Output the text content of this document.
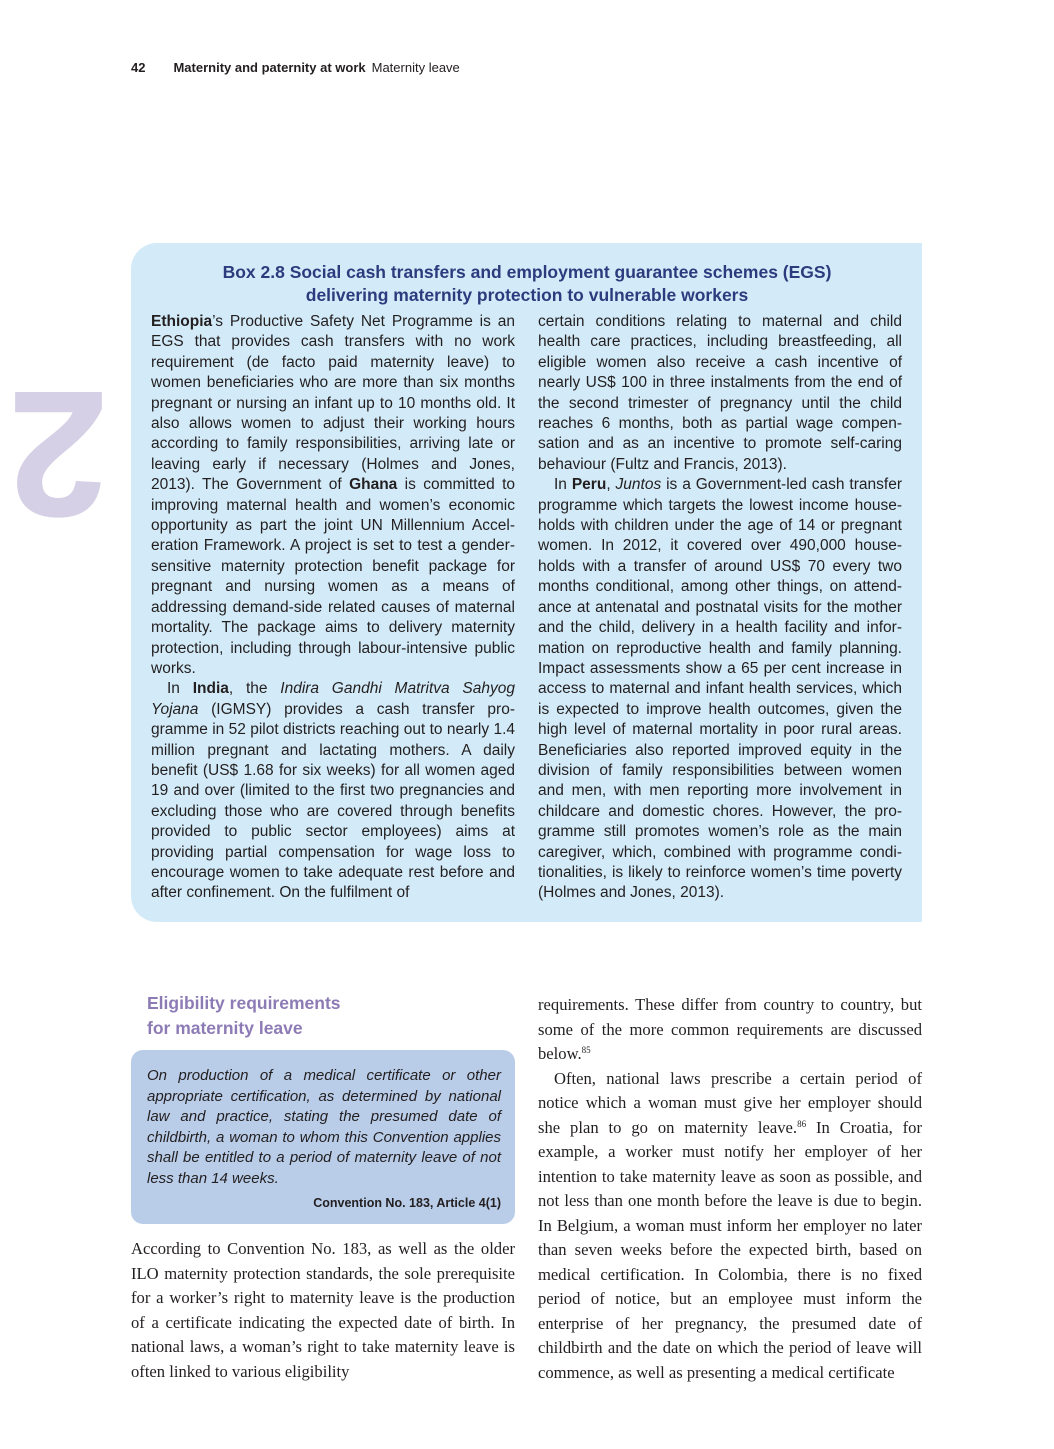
42 Maternity and paternity at work Maternity leave
2
Box 2.8 Social cash transfers and employment guarantee schemes (EGS)
delivering maternity protection to vulnerable workers

Ethiopia’s Productive Safety Net Programme is an EGS that provides cash transfers with no work requirement (de facto paid maternity leave) to women beneficiaries who are more than six months pregnant or nursing an infant up to 10 months old. It also allows women to adjust their working hours according to family responsibilities, arriving late or leaving early if necessary (Holmes and Jones, 2013). The Government of Ghana is committed to improving maternal health and women’s economic opportunity as part the joint UN Millennium Acceleration Framework. A project is set to test a gender-sensitive maternity protection benefit package for pregnant and nursing women as a means of addressing demand-side related causes of maternal mortality. The package aims to delivery maternity protection, including through labour-intensive public works.

In India, the Indira Gandhi Matritva Sahyog Yojana (IGMSY) provides a cash transfer programme in 52 pilot districts reaching out to nearly 1.4 million pregnant and lactating mothers. A daily benefit (US$ 1.68 for six weeks) for all women aged 19 and over (limited to the first two pregnancies and excluding those who are covered through benefits provided to public sector employees) aims at providing partial compensation for wage loss to encourage women to take adequate rest before and after confinement. On the fulfilment of

certain conditions relating to maternal and child health care practices, including breastfeeding, all eligible women also receive a cash incentive of nearly US$ 100 in three instalments from the end of the second trimester of pregnancy until the child reaches 6 months, both as partial wage compensation and as an incentive to promote self-caring behaviour (Fultz and Francis, 2013).

In Peru, Juntos is a Government-led cash transfer programme which targets the lowest income households with children under the age of 14 or pregnant women. In 2012, it covered over 490,000 households with a transfer of around US$ 70 every two months conditional, among other things, on attendance at antenatal and postnatal visits for the mother and the child, delivery in a health facility and information on reproductive health and family planning. Impact assessments show a 65 per cent increase in access to maternal and infant health services, which is expected to improve health outcomes, given the high level of maternal mortality in poor rural areas. Beneficiaries also reported improved equity in the division of family responsibilities between women and men, with men reporting more involvement in childcare and domestic chores. However, the programme still promotes women’s role as the main caregiver, which, combined with programme conditionalities, is likely to reinforce women’s time poverty (Holmes and Jones, 2013).

Eligibility requirements
for maternity leave
On production of a medical certificate or other appropriate certification, as determined by national law and practice, stating the presumed date of childbirth, a woman to whom this Convention applies shall be entitled to a period of maternity leave of not less than 14 weeks.
Convention No. 183, Article 4(1)

According to Convention No. 183, as well as the older ILO maternity protection standards, the sole prerequisite for a worker’s right to maternity leave is the production of a certificate indicating the expected date of birth. In national laws, a woman’s right to take maternity leave is often linked to various eligibility

requirements. These differ from country to country, but some of the more common requirements are discussed below.$^{85}$

Often, national laws prescribe a certain period of notice which a woman must give her employer should she plan to go on maternity leave.$^{86}$ In Croatia, for example, a worker must notify her employer of her intention to take maternity leave as soon as possible, and not less than one month before the leave is due to begin. In Belgium, a woman must inform her employer no later than seven weeks before the expected birth, based on medical certification. In Colombia, there is no fixed period of notice, but an employee must inform the enterprise of her pregnancy, the presumed date of childbirth and the date on which the period of leave will commence, as well as presenting a medical certificate
